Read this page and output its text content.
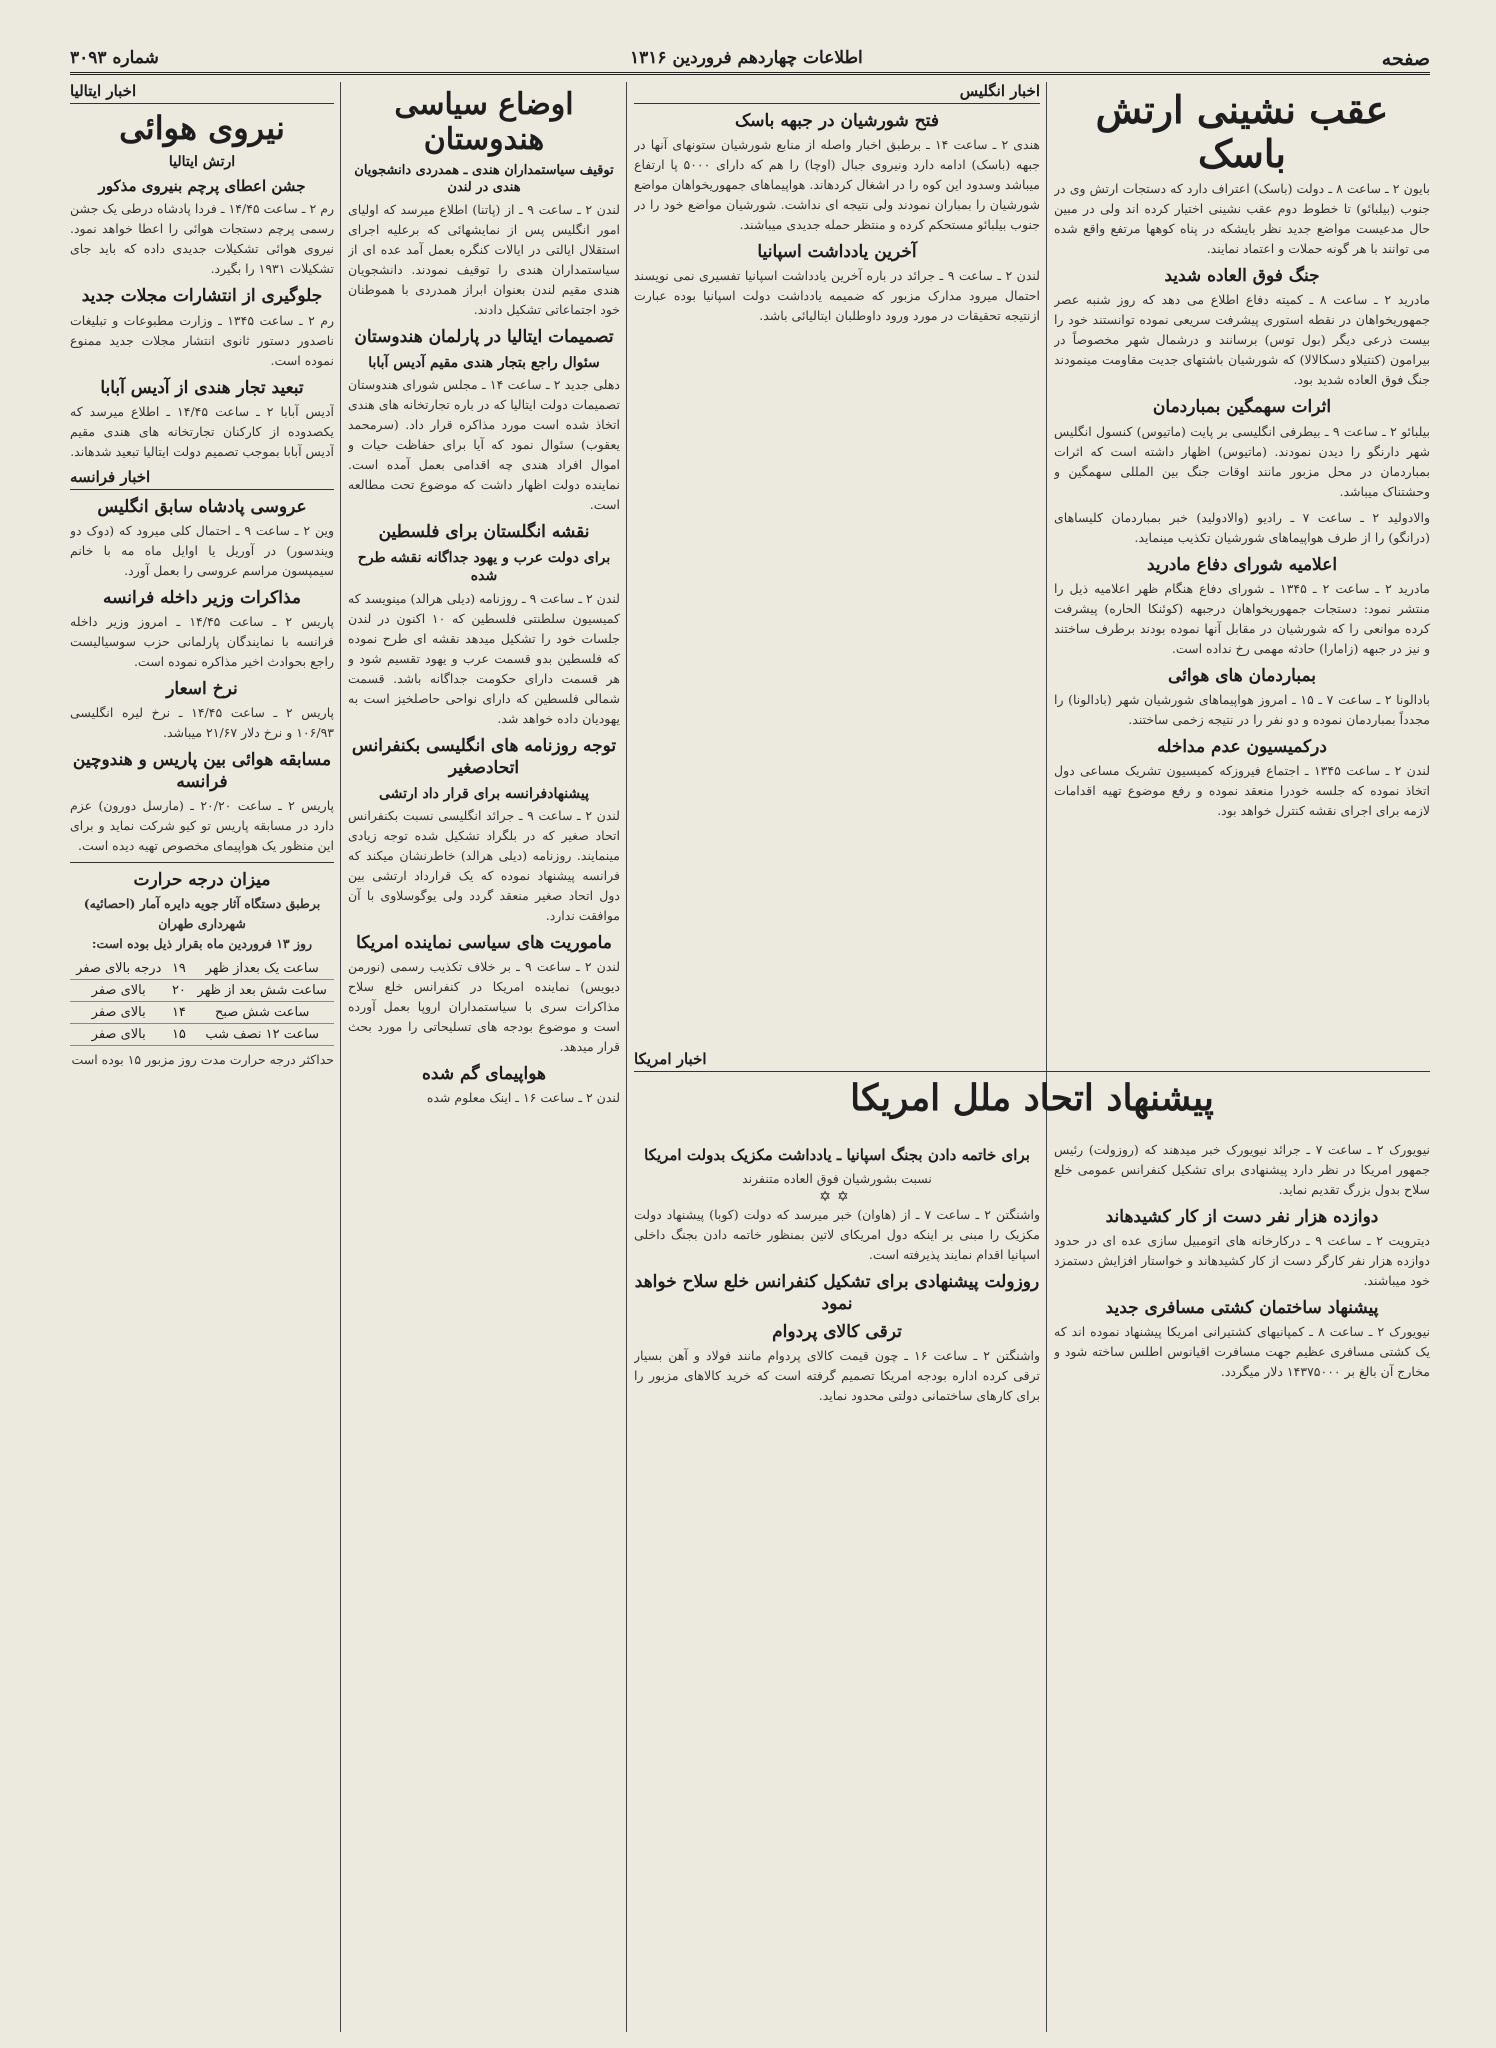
صفحه
اطلاعات چهاردهم فروردین ۱۳۱۶
شماره ۳۰۹۳
عقب نشینی ارتش باسک
بایون ۲ ـ ساعت ۸ ـ دولت (باسک) اعتراف دارد که دستجات ارتش وی در جنوب (بیلبائو) تا خطوط دوم عقب نشینی اختیار کرده اند ولی در مبین حال مدعیست مواضع جدید نظر بایشکه در پناه کوهها مرتفع واقع شده می توانند با هر گونه حملات و اعتماد نمایند.
جنگ فوق العاده شدید
مادرید ۲ ـ ساعت ۸ ـ کمیته دفاع اطلاع می دهد که روز شنبه عصر جمهوریخواهان در نقطه استوری پیشرفت سریعی نموده توانستند خود را بیست ذرعی دیگر (بول توس) برسانند و درشمال شهر مخصوصاً در بیرامون (کنتیلاو دسکالالا) که شورشیان باشتهای جدیت مقاومت مینمودند جنگ فوق العاده شدید بود.
اثرات سهمگین بمباردمان
بیلبائو ۲ ـ ساعت ۹ ـ بیطرفی انگلیسی بر پایت (ماتیوس) کنسول انگلیس شهر دارنگو را دیدن نمودند. (ماتیوس) اظهار داشته است که اثرات بمباردمان در محل مزبور مانند اوقات جنگ بین المللی سهمگین و وحشتناک میباشد.
والادولید ۲ ـ ساعت ۷ ـ رادیو (والادولید) خبر بمباردمان کلیساهای (درانگو) را از طرف هواپیماهای شورشیان تکذیب مینماید.
اعلامیه شورای دفاع مادرید
مادرید ۲ ـ ساعت ۲ ـ ۱۳۴۵ ـ شورای دفاع هنگام ظهر اعلامیه ذیل را منتشر نمود: دستجات جمهوریخواهان درجبهه (کوئنکا الحاره) پیشرفت کرده موانعی را که شورشیان در مقابل آنها نموده بودند برطرف ساختند و نیز در جبهه (زامارا) حادثه مهمی رخ نداده است.
بمباردمان های هوائی
بادالونا ۲ ـ ساعت ۷ ـ ۱۵ ـ امروز هواپیماهای شورشیان شهر (بادالونا) را مجدداً بمباردمان نموده و دو نفر را در نتیجه زخمی ساختند.
درکمیسیون عدم مداخله
لندن ۲ ـ ساعت ۱۳۴۵ ـ اجتماع فیروزکه کمیسیون تشریک مساعی دول اتخاذ نموده که جلسه خودرا منعقد نموده و رفع موضوع تهیه اقدامات لازمه برای اجرای نقشه کنترل خواهد بود.
نیویورک ۲ ـ ساعت ۷ ـ جرائد نیویورک خبر میدهند که (روزولت) رئیس جمهور امریکا در نظر دارد پیشنهادی برای تشکیل کنفرانس عمومی خلع سلاح بدول بزرگ تقدیم نماید.
دوازده هزار نفر دست از کار کشیدهاند
دیترویت ۲ ـ ساعت ۹ ـ درکارخانه های اتومبیل سازی عده ای در حدود دوازده هزار نفر کارگر دست از کار کشیدهاند و خواستار افزایش دستمزد خود میباشند.
پیشنهاد ساختمان کشتی مسافری جدید
نیویورک ۲ ـ ساعت ۸ ـ کمپانیهای کشتیرانی امریکا پیشنهاد نموده اند که یک کشتی مسافری عظیم جهت مسافرت اقیانوس اطلس ساخته شود و مخارج آن بالغ بر ۱۴۳۷۵۰۰۰ دلار میگردد.
اخبار انگلیس
فتح شورشیان در جبهه باسک
هندی ۲ ـ ساعت ۱۴ ـ برطبق اخبار واصله از منابع شورشیان ستونهای آنها در جبهه (باسک) ادامه دارد ونیروی جبال (اوچا) را هم که دارای ۵۰۰۰ پا ارتفاع میباشد وسدود این کوه را در اشغال کردهاند. هواپیماهای جمهوریخواهان مواضع شورشیان را بمباران نمودند ولی نتیجه ای نداشت. شورشیان مواضع خود را در جنوب بیلبائو مستحکم کرده و منتظر حمله جدیدی میباشند.
آخرین یادداشت اسپانیا
لندن ۲ ـ ساعت ۹ ـ جرائد در باره آخرین یادداشت اسپانیا تفسیری نمی نویسند احتمال میرود مدارک مزبور که ضمیمه یادداشت دولت اسپانیا بوده عبارت ازنتیجه تحقیقات در مورد ورود داوطلبان ایتالیائی باشد.
اخبار امریکا
پیشنهاد اتحاد ملل امریکا
برای خاتمه دادن بجنگ اسپانیا ـ یادداشت مکزیک بدولت امریکا
نسبت بشورشیان فوق العاده متنفرند
✡✡
واشنگتن ۲ ـ ساعت ۷ ـ از (هاوان) خبر میرسد که دولت (کوبا) پیشنهاد دولت مکزیک را مبنی بر اینکه دول امریکای لاتین بمنظور خاتمه دادن بجنگ داخلی اسپانیا اقدام نمایند پذیرفته است.
روزولت پیشنهادی برای تشکیل کنفرانس خلع سلاح خواهد نمود
ترقی کالای پردوام
واشنگتن ۲ ـ ساعت ۱۶ ـ چون قیمت کالای پردوام مانند فولاد و آهن بسیار ترقی کرده اداره بودجه امریکا تصمیم گرفته است که خرید کالاهای مزبور را برای کارهای ساختمانی دولتی محدود نماید.
اوضاع سیاسی هندوستان
توقیف سیاستمداران هندی ـ همدردی دانشجویان هندی در لندن
لندن ۲ ـ ساعت ۹ ـ از (پاتنا) اطلاع میرسد که اولیای امور انگلیس پس از نمایشهائی که برعلیه اجرای استقلال ایالتی در ایالات کنگره بعمل آمد عده ای از سیاستمداران هندی را توقیف نمودند. دانشجویان هندی مقیم لندن بعنوان ابراز همدردی با هموطنان خود اجتماعاتی تشکیل دادند.
تصمیمات ایتالیا در پارلمان هندوستان
سئوال راجع بتجار هندی مقیم آدیس آبابا
دهلی جدید ۲ ـ ساعت ۱۴ ـ مجلس شورای هندوستان تصمیمات دولت ایتالیا که در باره تجارتخانه های هندی اتخاذ شده است مورد مذاکره قرار داد. (سرمحمد یعقوب) سئوال نمود که آیا برای حفاظت حیات و اموال افراد هندی چه اقدامی بعمل آمده است. نماینده دولت اظهار داشت که موضوع تحت مطالعه است.
نقشه انگلستان برای فلسطین
برای دولت عرب و یهود جداگانه نقشه طرح شده
لندن ۲ ـ ساعت ۹ ـ روزنامه (دیلی هرالد) مینویسد که کمیسیون سلطنتی فلسطین که ۱۰ اکنون در لندن جلسات خود را تشکیل میدهد نقشه ای طرح نموده که فلسطین بدو قسمت عرب و یهود تقسیم شود و هر قسمت دارای حکومت جداگانه باشد. قسمت شمالی فلسطین که دارای نواحی حاصلخیز است به یهودیان داده خواهد شد.
توجه روزنامه های انگلیسی بکنفرانس اتحادصغیر
پیشنهادفرانسه برای قرار داد ارتشی
لندن ۲ ـ ساعت ۹ ـ جرائد انگلیسی نسبت بکنفرانس اتحاد صغیر که در بلگراد تشکیل شده توجه زیادی مینمایند. روزنامه (دیلی هرالد) خاطرنشان میکند که فرانسه پیشنهاد نموده که یک قرارداد ارتشی بین دول اتحاد صغیر منعقد گردد ولی یوگوسلاوی با آن موافقت ندارد.
ماموریت های سیاسی نماینده امریکا
لندن ۲ ـ ساعت ۹ ـ بر خلاف تکذیب رسمی (نورمن دیویس) نماینده امریکا در کنفرانس خلع سلاح مذاکرات سری با سیاستمداران اروپا بعمل آورده است و موضوع بودجه های تسلیحاتی را مورد بحث قرار میدهد.
هواپیمای گم شده
لندن ۲ ـ ساعت ۱۶ ـ اینک معلوم شده
اخبار ایتالیا
نیروی هوائی
ارتش ایتالیا
جشن اعطای پرچم بنیروی مذکور
رم ۲ ـ ساعت ۱۴/۴۵ ـ فردا پادشاه درطی یک جشن رسمی پرچم دستجات هوائی را اعطا خواهد نمود. نیروی هوائی تشکیلات جدیدی داده که باید جای تشکیلات ۱۹۳۱ را بگیرد.
جلوگیری از انتشارات مجلات جدید
رم ۲ ـ ساعت ۱۳۴۵ ـ وزارت مطبوعات و تبلیغات ناصدور دستور ثانوی انتشار مجلات جدید ممنوع نموده است.
تبعید تجار هندی از آدیس آبابا
آدیس آبابا ۲ ـ ساعت ۱۴/۴۵ ـ اطلاع میرسد که یکصدوده از کارکنان تجارتخانه های هندی مقیم آدیس آبابا بموجب تصمیم دولت ایتالیا تبعید شدهاند.
اخبار فرانسه
عروسی پادشاه سابق انگلیس
وین ۲ ـ ساعت ۹ ـ احتمال کلی میرود که (دوک دو ویندسور) در آوریل یا اوایل ماه مه با خانم سیمپسون مراسم عروسی را بعمل آورد.
مذاکرات وزیر داخله فرانسه
پاریس ۲ ـ ساعت ۱۴/۴۵ ـ امروز وزیر داخله فرانسه با نمایندگان پارلمانی حزب سوسیالیست راجع بحوادث اخیر مذاکره نموده است.
نرخ اسعار
پاریس ۲ ـ ساعت ۱۴/۴۵ ـ نرخ لیره انگلیسی ۱۰۶/۹۳ و نرخ دلار ۲۱/۶۷ میباشد.
مسابقه هوائی بین پاریس و هندوچین فرانسه
پاریس ۲ ـ ساعت ۲۰/۲۰ ـ (مارسل دورون) عزم دارد در مسابقه پاریس تو کیو شرکت نماید و برای این منظور یک هواپیمای مخصوص تهیه دیده است.
میزان درجه حرارت
برطبق دستگاه آثار جویه دایره آمار (احصائیه) شهرداری طهران
روز ۱۳ فروردین ماه بقرار ذیل بوده است:
ساعت یک بعداز ظهر	۱۹	درجه بالای صفر
ساعت شش بعد از ظهر	۲۰	بالای صفر
ساعت شش صبح	۱۴	بالای صفر
ساعت ۱۲ نصف شب	۱۵	بالای صفر
حداکثر درجه حرارت مدت روز مزبور ۱۵ بوده است
